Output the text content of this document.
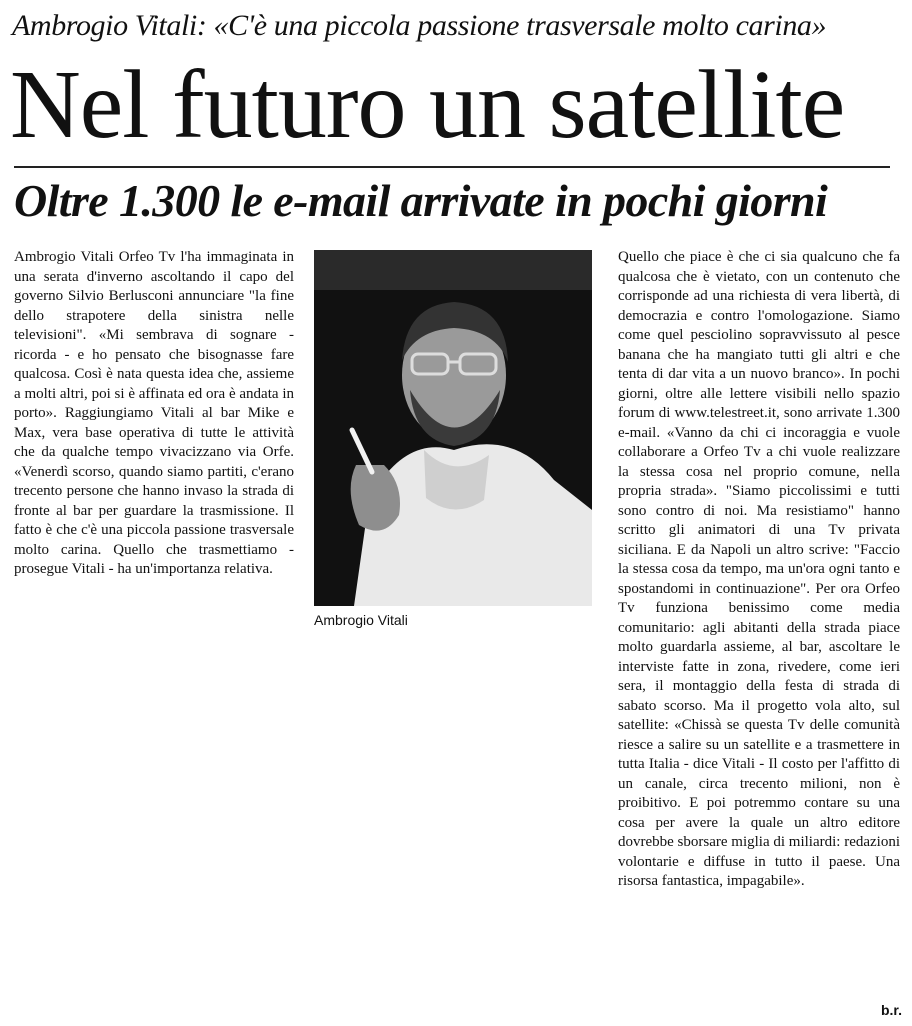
Ambrogio Vitali: «C'è una piccola passione trasversale molto carina»
Nel futuro un satellite
Oltre 1.300 le e-mail arrivate in pochi giorni

Ambrogio Vitali Orfeo Tv l'ha immaginata in una serata d'inverno ascoltando il capo del governo Silvio Berlusconi annunciare "la fine dello strapotere della sinistra nelle televisioni". «Mi sembrava di sognare - ricorda - e ho pensato che bisognasse fare qualcosa. Così è nata questa idea che, assieme a molti altri, poi si è affinata ed ora è andata in porto». Raggiungiamo Vitali al bar Mike e Max, vera base operativa di tutte le attività che da qualche tempo vivacizzano via Orfe. «Venerdì scorso, quando siamo partiti, c'erano trecento persone che hanno invaso la strada di fronte al bar per guardare la trasmissione. Il fatto è che c'è una piccola passione trasversale molto carina. Quello che trasmettiamo - prosegue Vitali - ha un'importanza relativa.

Ambrogio Vitali

Quello che piace è che ci sia qualcuno che fa qualcosa che è vietato, con un contenuto che corrisponde ad una richiesta di vera libertà, di democrazia e contro l'omologazione. Siamo come quel pesciolino sopravvissuto al pesce banana che ha mangiato tutti gli altri e che tenta di dar vita a un nuovo branco». In pochi giorni, oltre alle lettere visibili nello spazio forum di www.telestreet.it, sono arrivate 1.300 e-mail. «Vanno da chi ci incoraggia e vuole collaborare a Orfeo Tv a chi vuole realizzare la stessa cosa nel proprio comune, nella propria strada». "Siamo piccolissimi e tutti sono contro di noi. Ma resistiamo" hanno scritto gli animatori di una Tv privata siciliana. E da Napoli un altro scrive: "Faccio la stessa cosa da tempo, ma un'ora ogni tanto e spostandomi in continuazione". Per ora Orfeo Tv funziona benissimo come media comunitario: agli abitanti della strada piace molto guardarla assieme, al bar, ascoltare le interviste fatte in zona, rivedere, come ieri sera, il montaggio della festa di strada di sabato scorso. Ma il progetto vola alto, sul satellite: «Chissà se questa Tv delle comunità riesce a salire su un satellite e a trasmettere in tutta Italia - dice Vitali - Il costo per l'affitto di un canale, circa trecento milioni, non è proibitivo. E poi potremmo contare su una cosa per avere la quale un altro editore dovrebbe sborsare miglia di miliardi: redazioni volontarie e diffuse in tutto il paese. Una risorsa fantastica, impagabile».

b.r.
